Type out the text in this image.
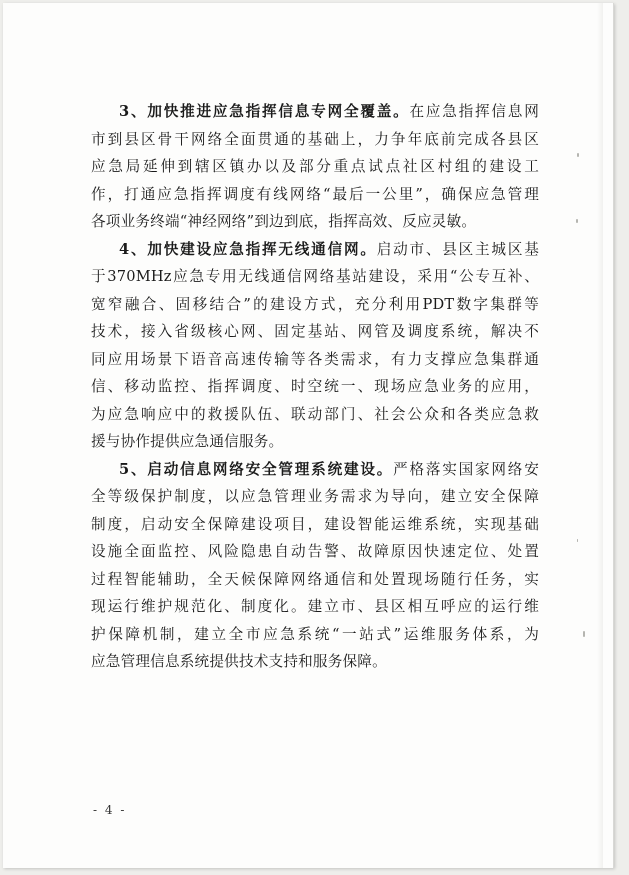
3、加快推进应急指挥信息专网全覆盖。在应急指挥信息网
市到县区骨干网络全面贯通的基础上，力争年底前完成各县区
应急局延伸到辖区镇办以及部分重点试点社区村组的建设工
作，打通应急指挥调度有线网络“最后一公里”，确保应急管理
各项业务终端“神经网络”到边到底，指挥高效、反应灵敏。
4、加快建设应急指挥无线通信网。启动市、县区主城区基
于370MHz应急专用无线通信网络基站建设，采用“公专互补、
宽窄融合、固移结合”的建设方式，充分利用PDT数字集群等
技术，接入省级核心网、固定基站、网管及调度系统，解决不
同应用场景下语音高速传输等各类需求，有力支撑应急集群通
信、移动监控、指挥调度、时空统一、现场应急业务的应用，
为应急响应中的救援队伍、联动部门、社会公众和各类应急救
援与协作提供应急通信服务。
5、启动信息网络安全管理系统建设。严格落实国家网络安
全等级保护制度，以应急管理业务需求为导向，建立安全保障
制度，启动安全保障建设项目，建设智能运维系统，实现基础
设施全面监控、风险隐患自动告警、故障原因快速定位、处置
过程智能辅助，全天候保障网络通信和处置现场随行任务，实
现运行维护规范化、制度化。建立市、县区相互呼应的运行维
护保障机制，建立全市应急系统“一站式”运维服务体系，为
应急管理信息系统提供技术支持和服务保障。
- 4 -
